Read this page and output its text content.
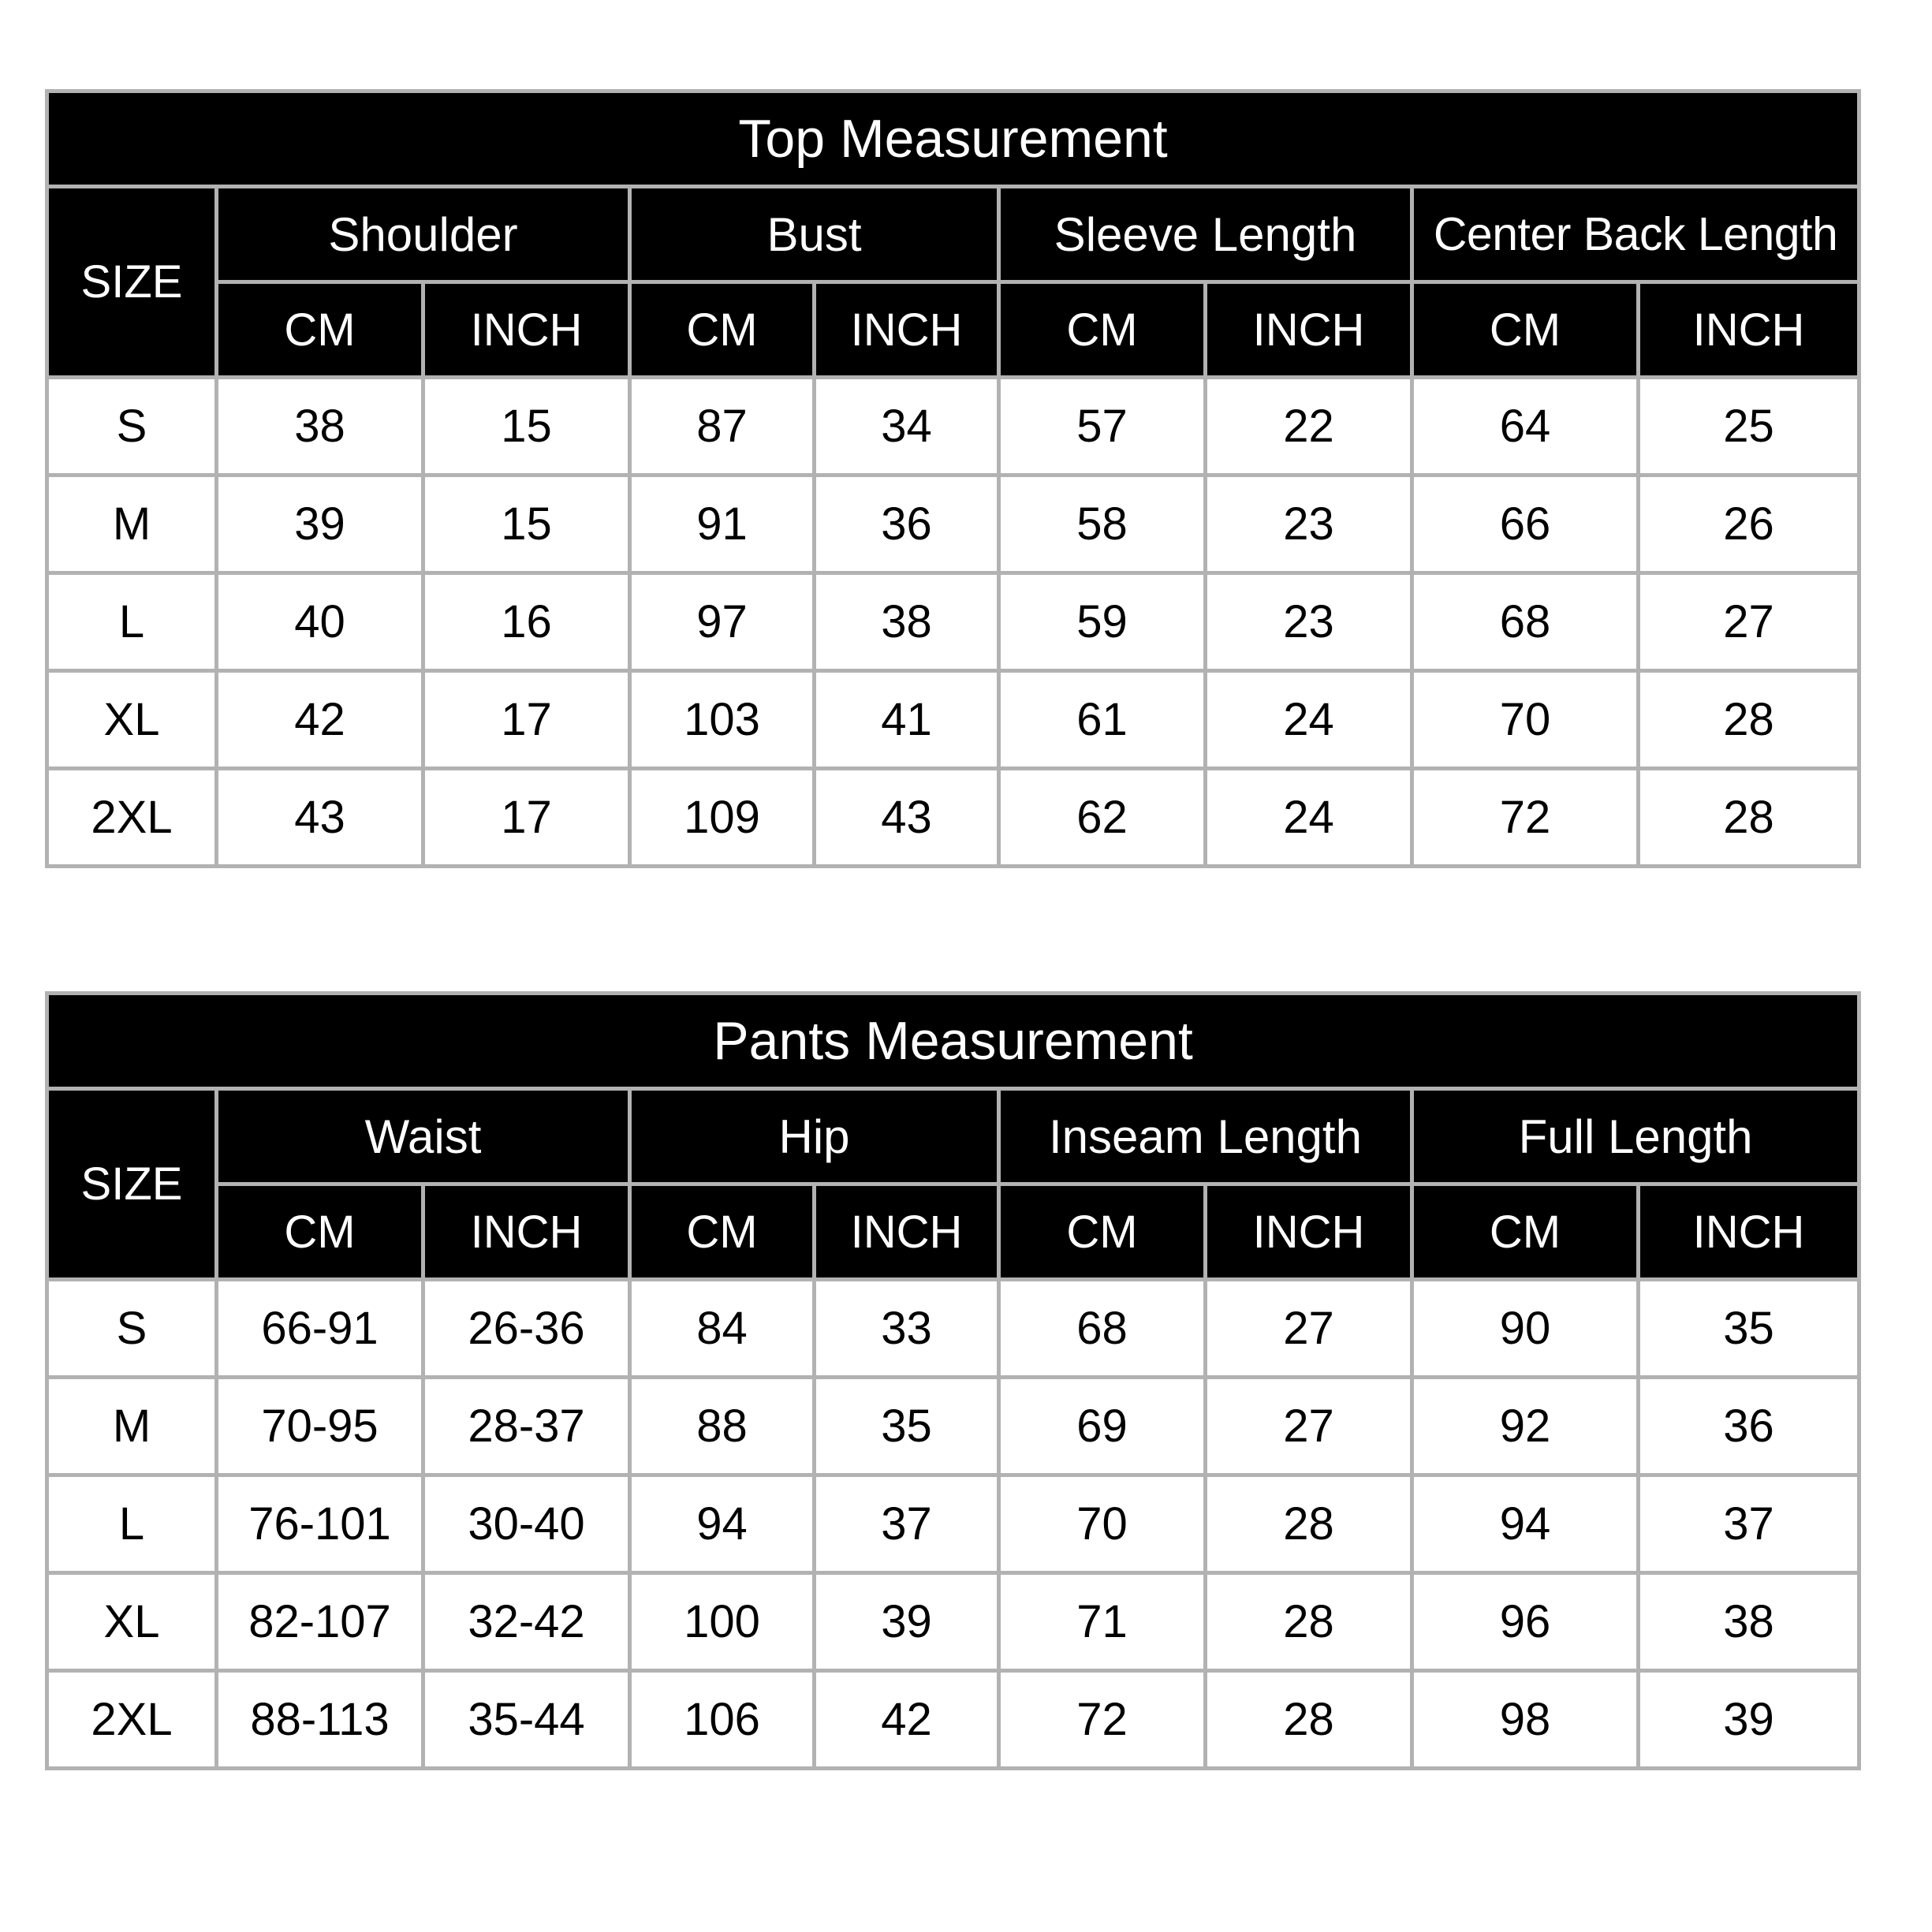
Top Measurement								
SIZE	Shoulder		Bust		Sleeve Length		Center Back Length	
	CM	INCH	CM	INCH	CM	INCH	CM	INCH
S	38	15	87	34	57	22	64	25
M	39	15	91	36	58	23	66	26
L	40	16	97	38	59	23	68	27
XL	42	17	103	41	61	24	70	28
2XL	43	17	109	43	62	24	72	28
Pants Measurement								
SIZE	Waist		Hip		Inseam Length		Full Length	
	CM	INCH	CM	INCH	CM	INCH	CM	INCH
S	66-91	26-36	84	33	68	27	90	35
M	70-95	28-37	88	35	69	27	92	36
L	76-101	30-40	94	37	70	28	94	37
XL	82-107	32-42	100	39	71	28	96	38
2XL	88-113	35-44	106	42	72	28	98	39
